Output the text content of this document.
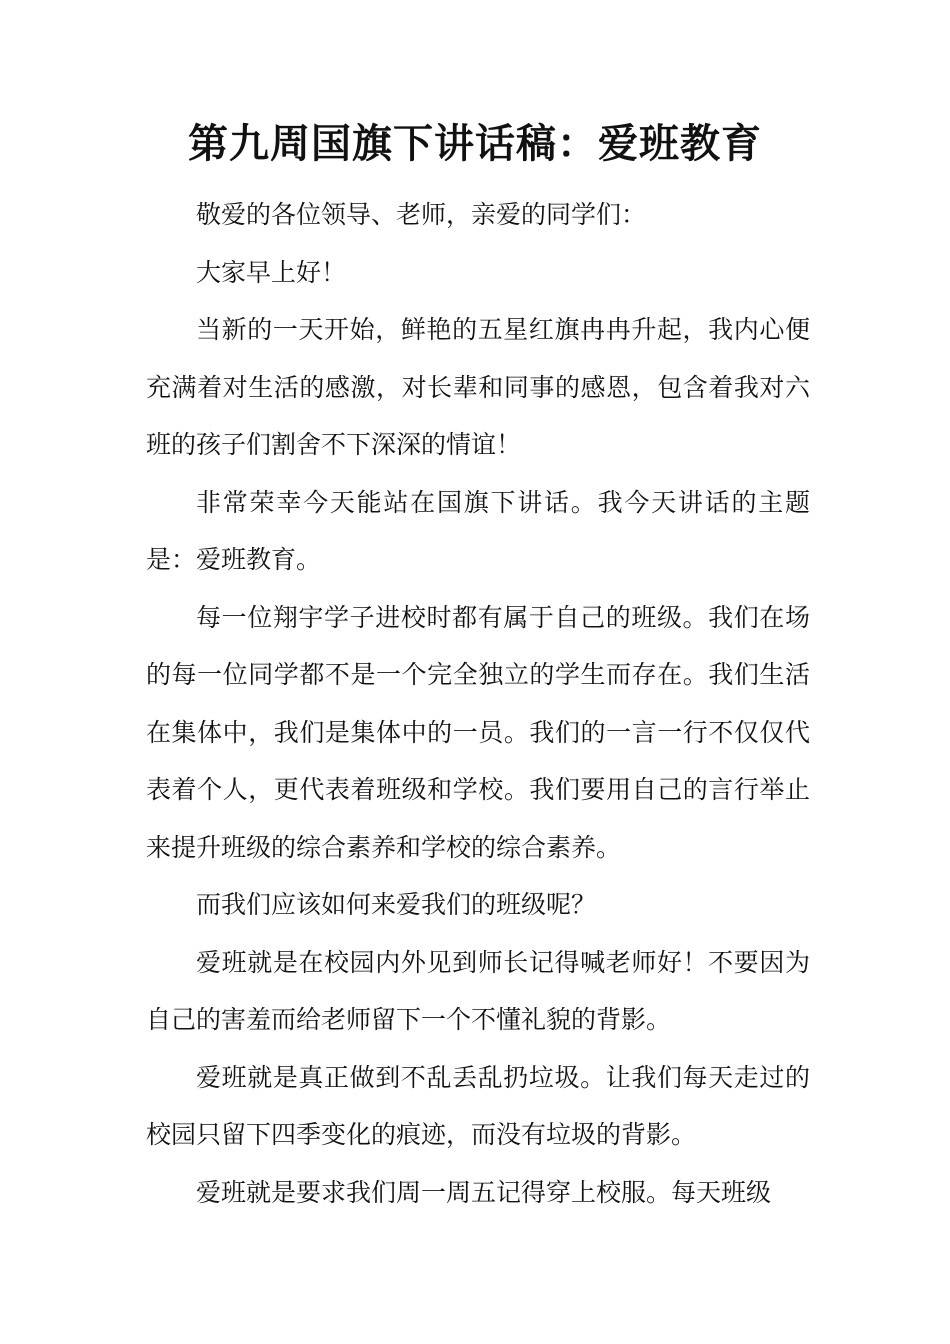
第九周国旗下讲话稿：爱班教育

敬爱的各位领导、老师，亲爱的同学们：

大家早上好！

当新的一天开始，鲜艳的五星红旗冉冉升起，我内心便充满着对生活的感激，对长辈和同事的感恩，包含着我对六班的孩子们割舍不下深深的情谊！

非常荣幸今天能站在国旗下讲话。我今天讲话的主题是：爱班教育。

每一位翔宇学子进校时都有属于自己的班级。我们在场的每一位同学都不是一个完全独立的学生而存在。我们生活在集体中，我们是集体中的一员。我们的一言一行不仅仅代表着个人，更代表着班级和学校。我们要用自己的言行举止来提升班级的综合素养和学校的综合素养。

而我们应该如何来爱我们的班级呢？

爱班就是在校园内外见到师长记得喊老师好！不要因为自己的害羞而给老师留下一个不懂礼貌的背影。

爱班就是真正做到不乱丢乱扔垃圾。让我们每天走过的校园只留下四季变化的痕迹，而没有垃圾的背影。

爱班就是要求我们周一周五记得穿上校服。每天班级
